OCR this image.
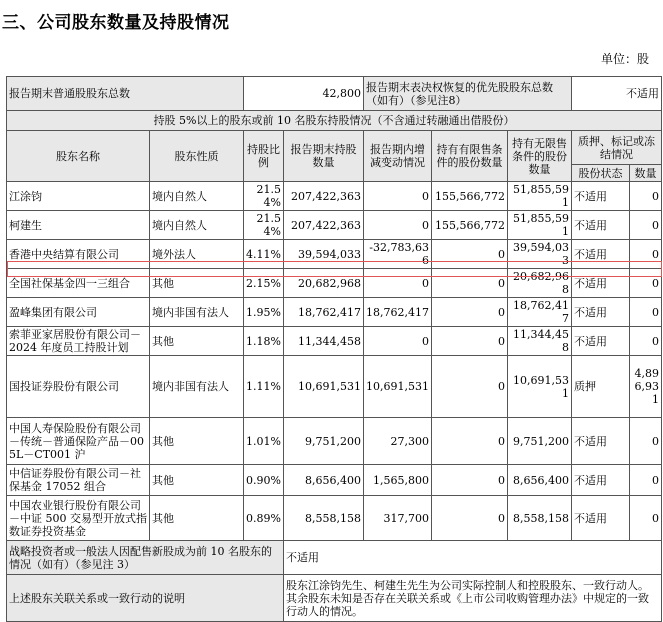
三、公司股东数量及持股情况
单位：股
报告期末普通股股东总数		42,800		报告期末表决权恢复的优先股股东总数（如有）（参见注8）			不适用	
持股 5%以上的股东或前 10 名股东持股情况（不含通过转融通出借股份）								
股东名称	股东性质	持股比例	报告期末持股数量	报告期内增减变动情况	持有有限售条件的股份数量	持有无限售条件的股份数量	质押、标记或冻结情况	
							股份状态	数量
江涂钧	境内自然人	21.54%	207,422,363	0	155,566,772	51,855,591	不适用	0
柯建生	境内自然人	21.54%	207,422,363	0	155,566,772	51,855,591	不适用	0
香港中央结算有限公司	境外法人	4.11%	39,594,033	-32,783,636	0	39,594,033	不适用	0
全国社保基金四一三组合	其他	2.15%	20,682,968	0	0	20,682,968	不适用	0
盈峰集团有限公司	境内非国有法人	1.95%	18,762,417	18,762,417	0	18,762,417	不适用	0
索菲亚家居股份有限公司－2024 年度员工持股计划	其他	1.18%	11,344,458	0	0	11,344,458	不适用	0
国投证券股份有限公司	境内非国有法人	1.11%	10,691,531	10,691,531	0	10,691,531	质押	4,896,931
中国人寿保险股份有限公司－传统－普通保险产品－005L－CT001 沪	其他	1.01%	9,751,200	27,300	0	9,751,200	不适用	0
中信证券股份有限公司－社保基金 17052 组合	其他	0.90%	8,656,400	1,565,800	0	8,656,400	不适用	0
中国农业银行股份有限公司－中证 500 交易型开放式指数证券投资基金	其他	0.89%	8,558,158	317,700	0	8,558,158	不适用	0
战略投资者或一般法人因配售新股成为前 10 名股东的情况（如有）（参见注 3）			不适用					
上述股东关联关系或一致行动的说明			股东江涂钧先生、柯建生先生为公司实际控制人和控股股东、一致行动人。其余股东未知是否存在关联关系或《上市公司收购管理办法》中规定的一致行动人的情况。					
